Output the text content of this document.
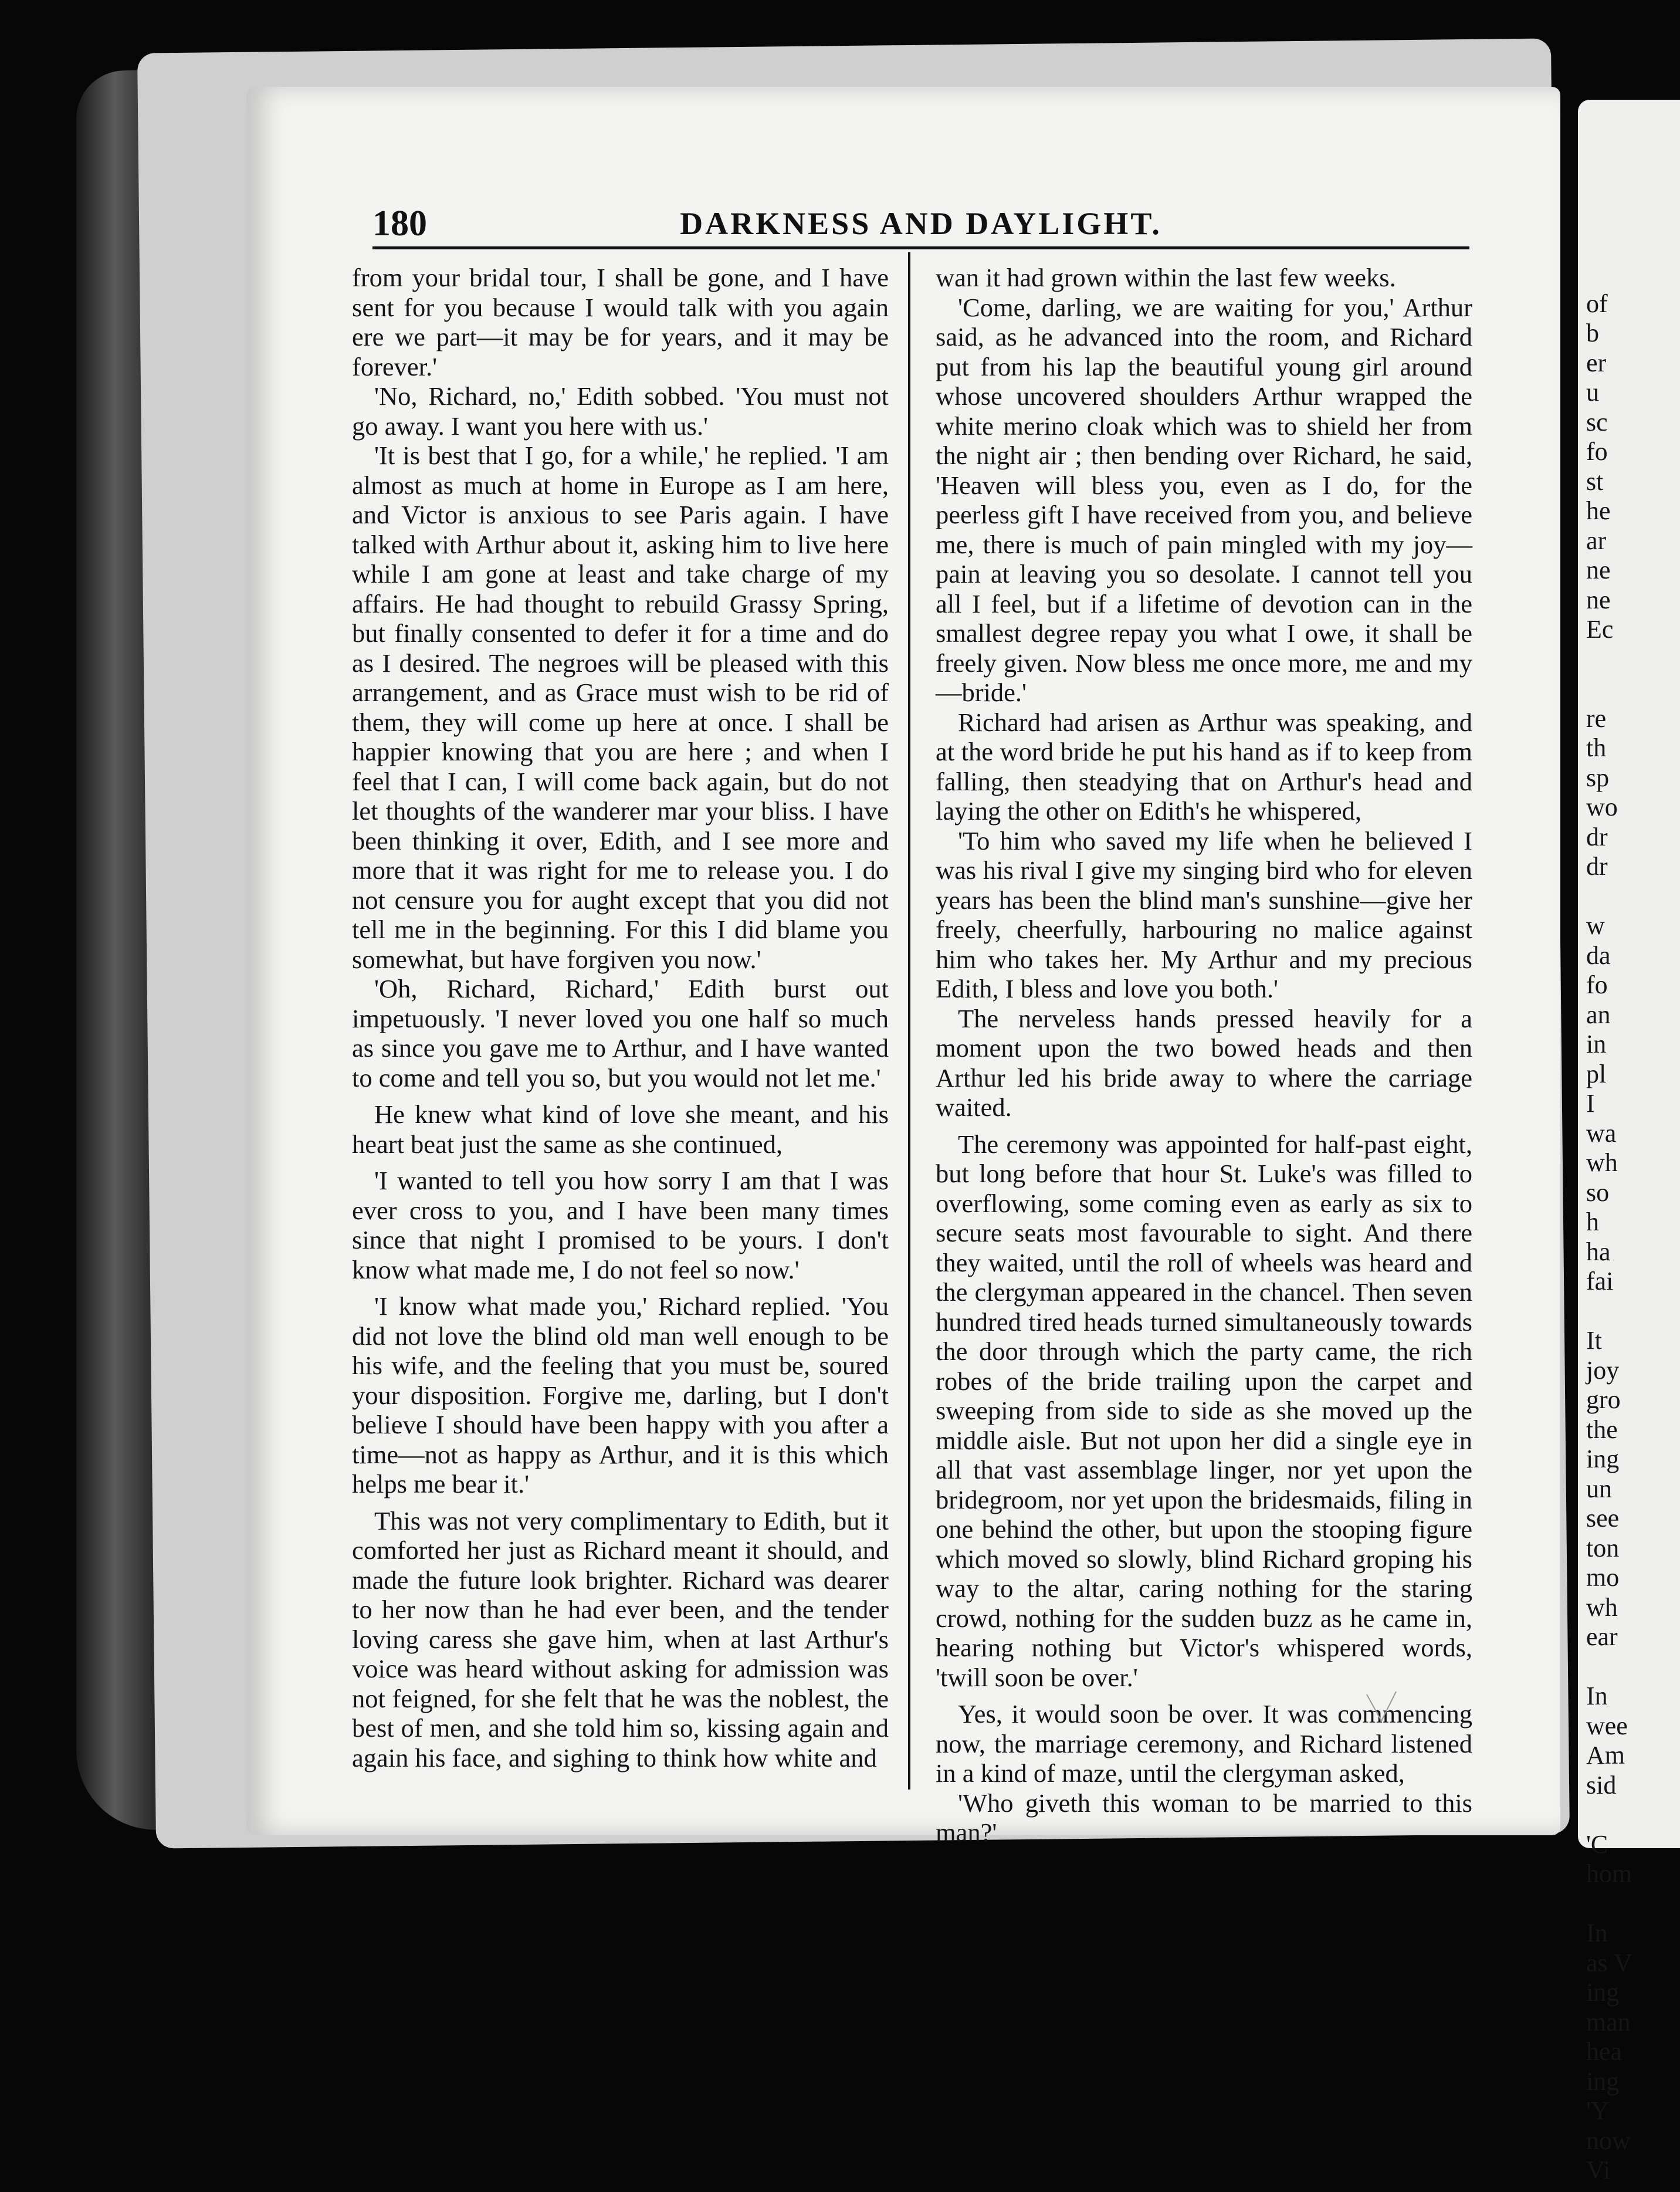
180	DARKNESS AND DAYLIGHT.

from your bridal tour, I shall be gone, and I have sent for you because I would talk with you again ere we part—it may be for years, and it may be forever.'

'No, Richard, no,' Edith sobbed. 'You must not go away. I want you here with us.'

'It is best that I go, for a while,' he replied. 'I am almost as much at home in Europe as I am here, and Victor is anxious to see Paris again. I have talked with Arthur about it, asking him to live here while I am gone at least and take charge of my affairs. He had thought to rebuild Grassy Spring, but finally consented to defer it for a time and do as I desired. The negroes will be pleased with this arrangement, and as Grace must wish to be rid of them, they will come up here at once. I shall be happier knowing that you are here ; and when I feel that I can, I will come back again, but do not let thoughts of the wanderer mar your bliss. I have been thinking it over, Edith, and I see more and more that it was right for me to release you. I do not censure you for aught except that you did not tell me in the beginning. For this I did blame you somewhat, but have forgiven you now.'

'Oh, Richard, Richard,' Edith burst out impetuously. 'I never loved you one half so much as since you gave me to Arthur, and I have wanted to come and tell you so, but you would not let me.'

He knew what kind of love she meant, and his heart beat just the same as she continued,

'I wanted to tell you how sorry I am that I was ever cross to you, and I have been many times since that night I promised to be yours. I don't know what made me, I do not feel so now.'

'I know what made you,' Richard replied. 'You did not love the blind old man well enough to be his wife, and the feeling that you must be, soured your disposition. Forgive me, darling, but I don't believe I should have been happy with you after a time—not as happy as Arthur, and it is this which helps me bear it.'

This was not very complimentary to Edith, but it comforted her just as Richard meant it should, and made the future look brighter. Richard was dearer to her now than he had ever been, and the tender loving caress she gave him, when at last Arthur's voice was heard without asking for admission was not feigned, for she felt that he was the noblest, the best of men, and she told him so, kissing again and again his face, and sighing to think how white and

wan it had grown within the last few weeks.

'Come, darling, we are waiting for you,' Arthur said, as he advanced into the room, and Richard put from his lap the beautiful young girl around whose uncovered shoulders Arthur wrapped the white merino cloak which was to shield her from the night air ; then bending over Richard, he said, 'Heaven will bless you, even as I do, for the peerless gift I have received from you, and believe me, there is much of pain mingled with my joy—pain at leaving you so desolate. I cannot tell you all I feel, but if a lifetime of devotion can in the smallest degree repay you what I owe, it shall be freely given. Now bless me once more, me and my—bride.'

Richard had arisen as Arthur was speaking, and at the word bride he put his hand as if to keep from falling, then steadying that on Arthur's head and laying the other on Edith's he whispered,

'To him who saved my life when he believed I was his rival I give my singing bird who for eleven years has been the blind man's sunshine—give her freely, cheerfully, harbouring no malice against him who takes her. My Arthur and my precious Edith, I bless and love you both.'

The nerveless hands pressed heavily for a moment upon the two bowed heads and then Arthur led his bride away to where the carriage waited.

The ceremony was appointed for half-past eight, but long before that hour St. Luke's was filled to overflowing, some coming even as early as six to secure seats most favourable to sight. And there they waited, until the roll of wheels was heard and the clergyman appeared in the chancel. Then seven hundred tired heads turned simultaneously towards the door through which the party came, the rich robes of the bride trailing upon the carpet and sweeping from side to side as she moved up the middle aisle. But not upon her did a single eye in all that vast assemblage linger, nor yet upon the bridegroom, nor yet upon the bridesmaids, filing in one behind the other, but upon the stooping figure which moved so slowly, blind Richard groping his way to the altar, caring nothing for the staring crowd, nothing for the sudden buzz as he came in, hearing nothing but Victor's whispered words, 'twill soon be over.'

Yes, it would soon be over. It was commencing now, the marriage ceremony, and Richard listened in a kind of maze, until the clergyman asked,

'Who giveth this woman to be married to this man?'

of
b
er
u
sc
fo
st
he
ar
ne
ne
Ec

re
th
sp
wo
dr
dr

w
da
fo
an
in
pl
I
wa
wh
so
h
ha
fai

It
joy
gro
the
ing
un
see
ton
mo
wh
ear

In
wee
Am
sid

'C
hom

In
as V
ing
man
hea
ing
'Y
now
Vi
